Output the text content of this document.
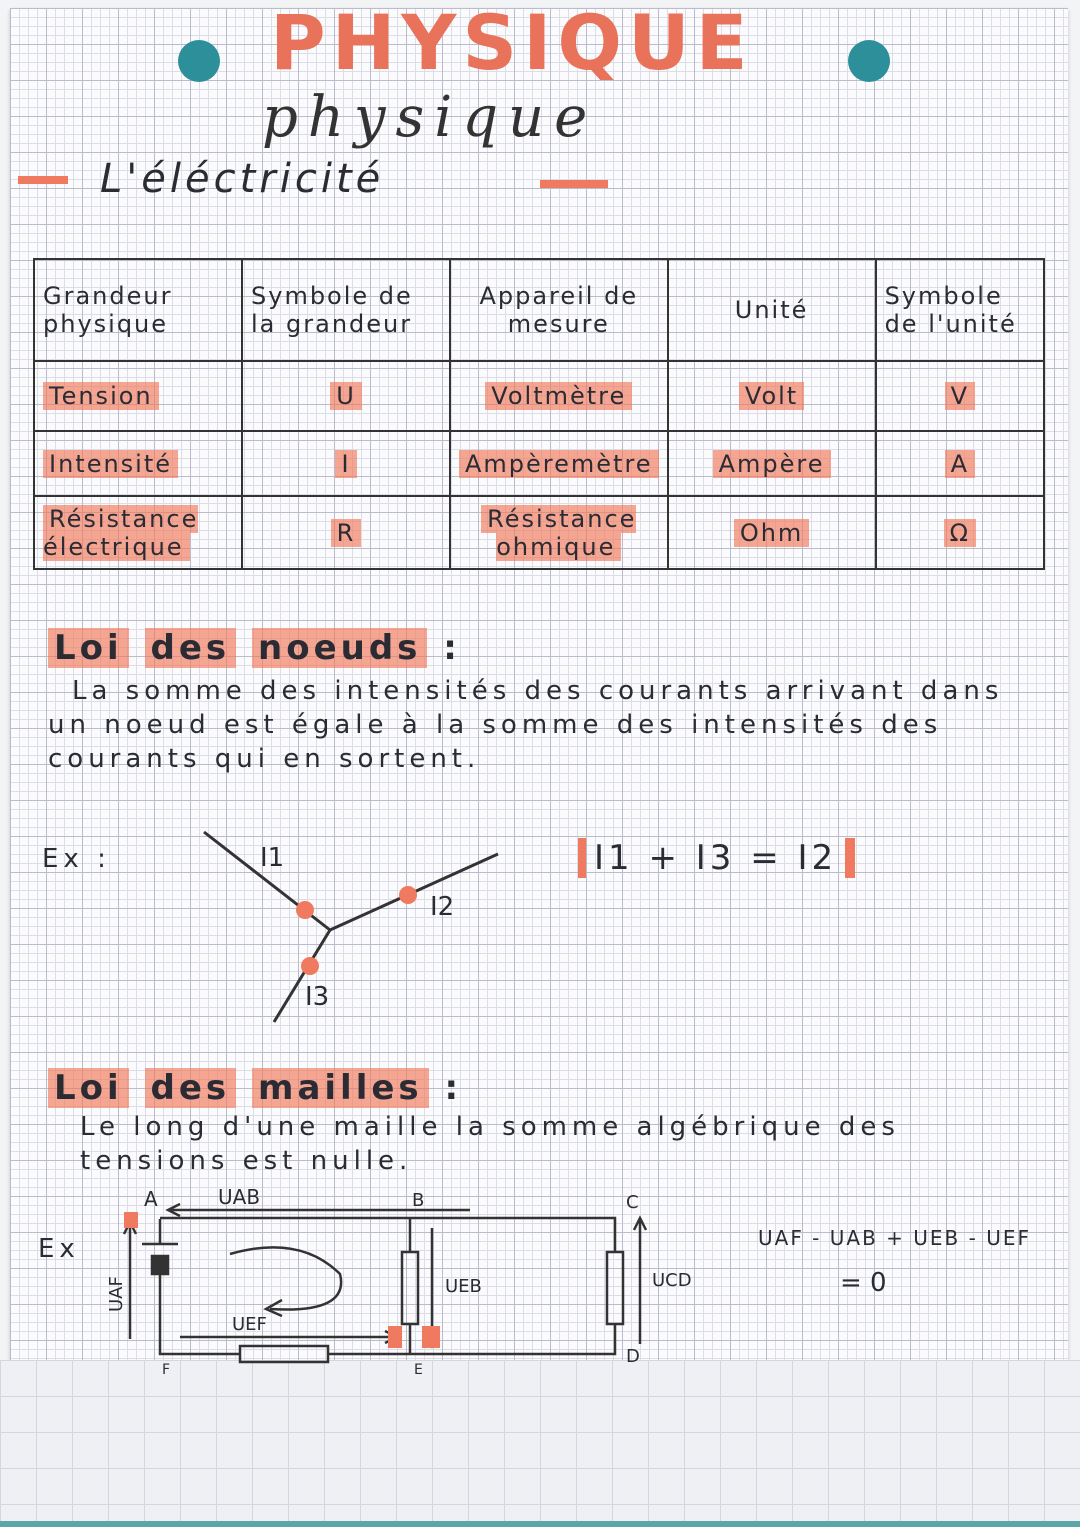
PHYSIQUE
physique
L'éléctricité
Grandeur physique	Symbole de la grandeur	Appareil de mesure	Unité	Symbole de l'unité
Tension	U	Voltmètre	Volt	V
Intensité	I	Ampèremètre	Ampère	A
Résistance électrique	R	Résistance ohmique	Ohm	Ω
Loi des noeuds :
La somme des intensités des courants arrivant dans un noeud est égale à la somme des intensités des courants qui en sortent.
Ex :	I1
I2
I3
I1 + I3 = I2
Loi des mailles :
Le long d'une maille la somme algébrique des tensions est nulle.
Ex
A	B	C
D
E
F
UAB
UAF	UEB	UCD
UEF
UAF - UAB + UEB - UEF
= 0
